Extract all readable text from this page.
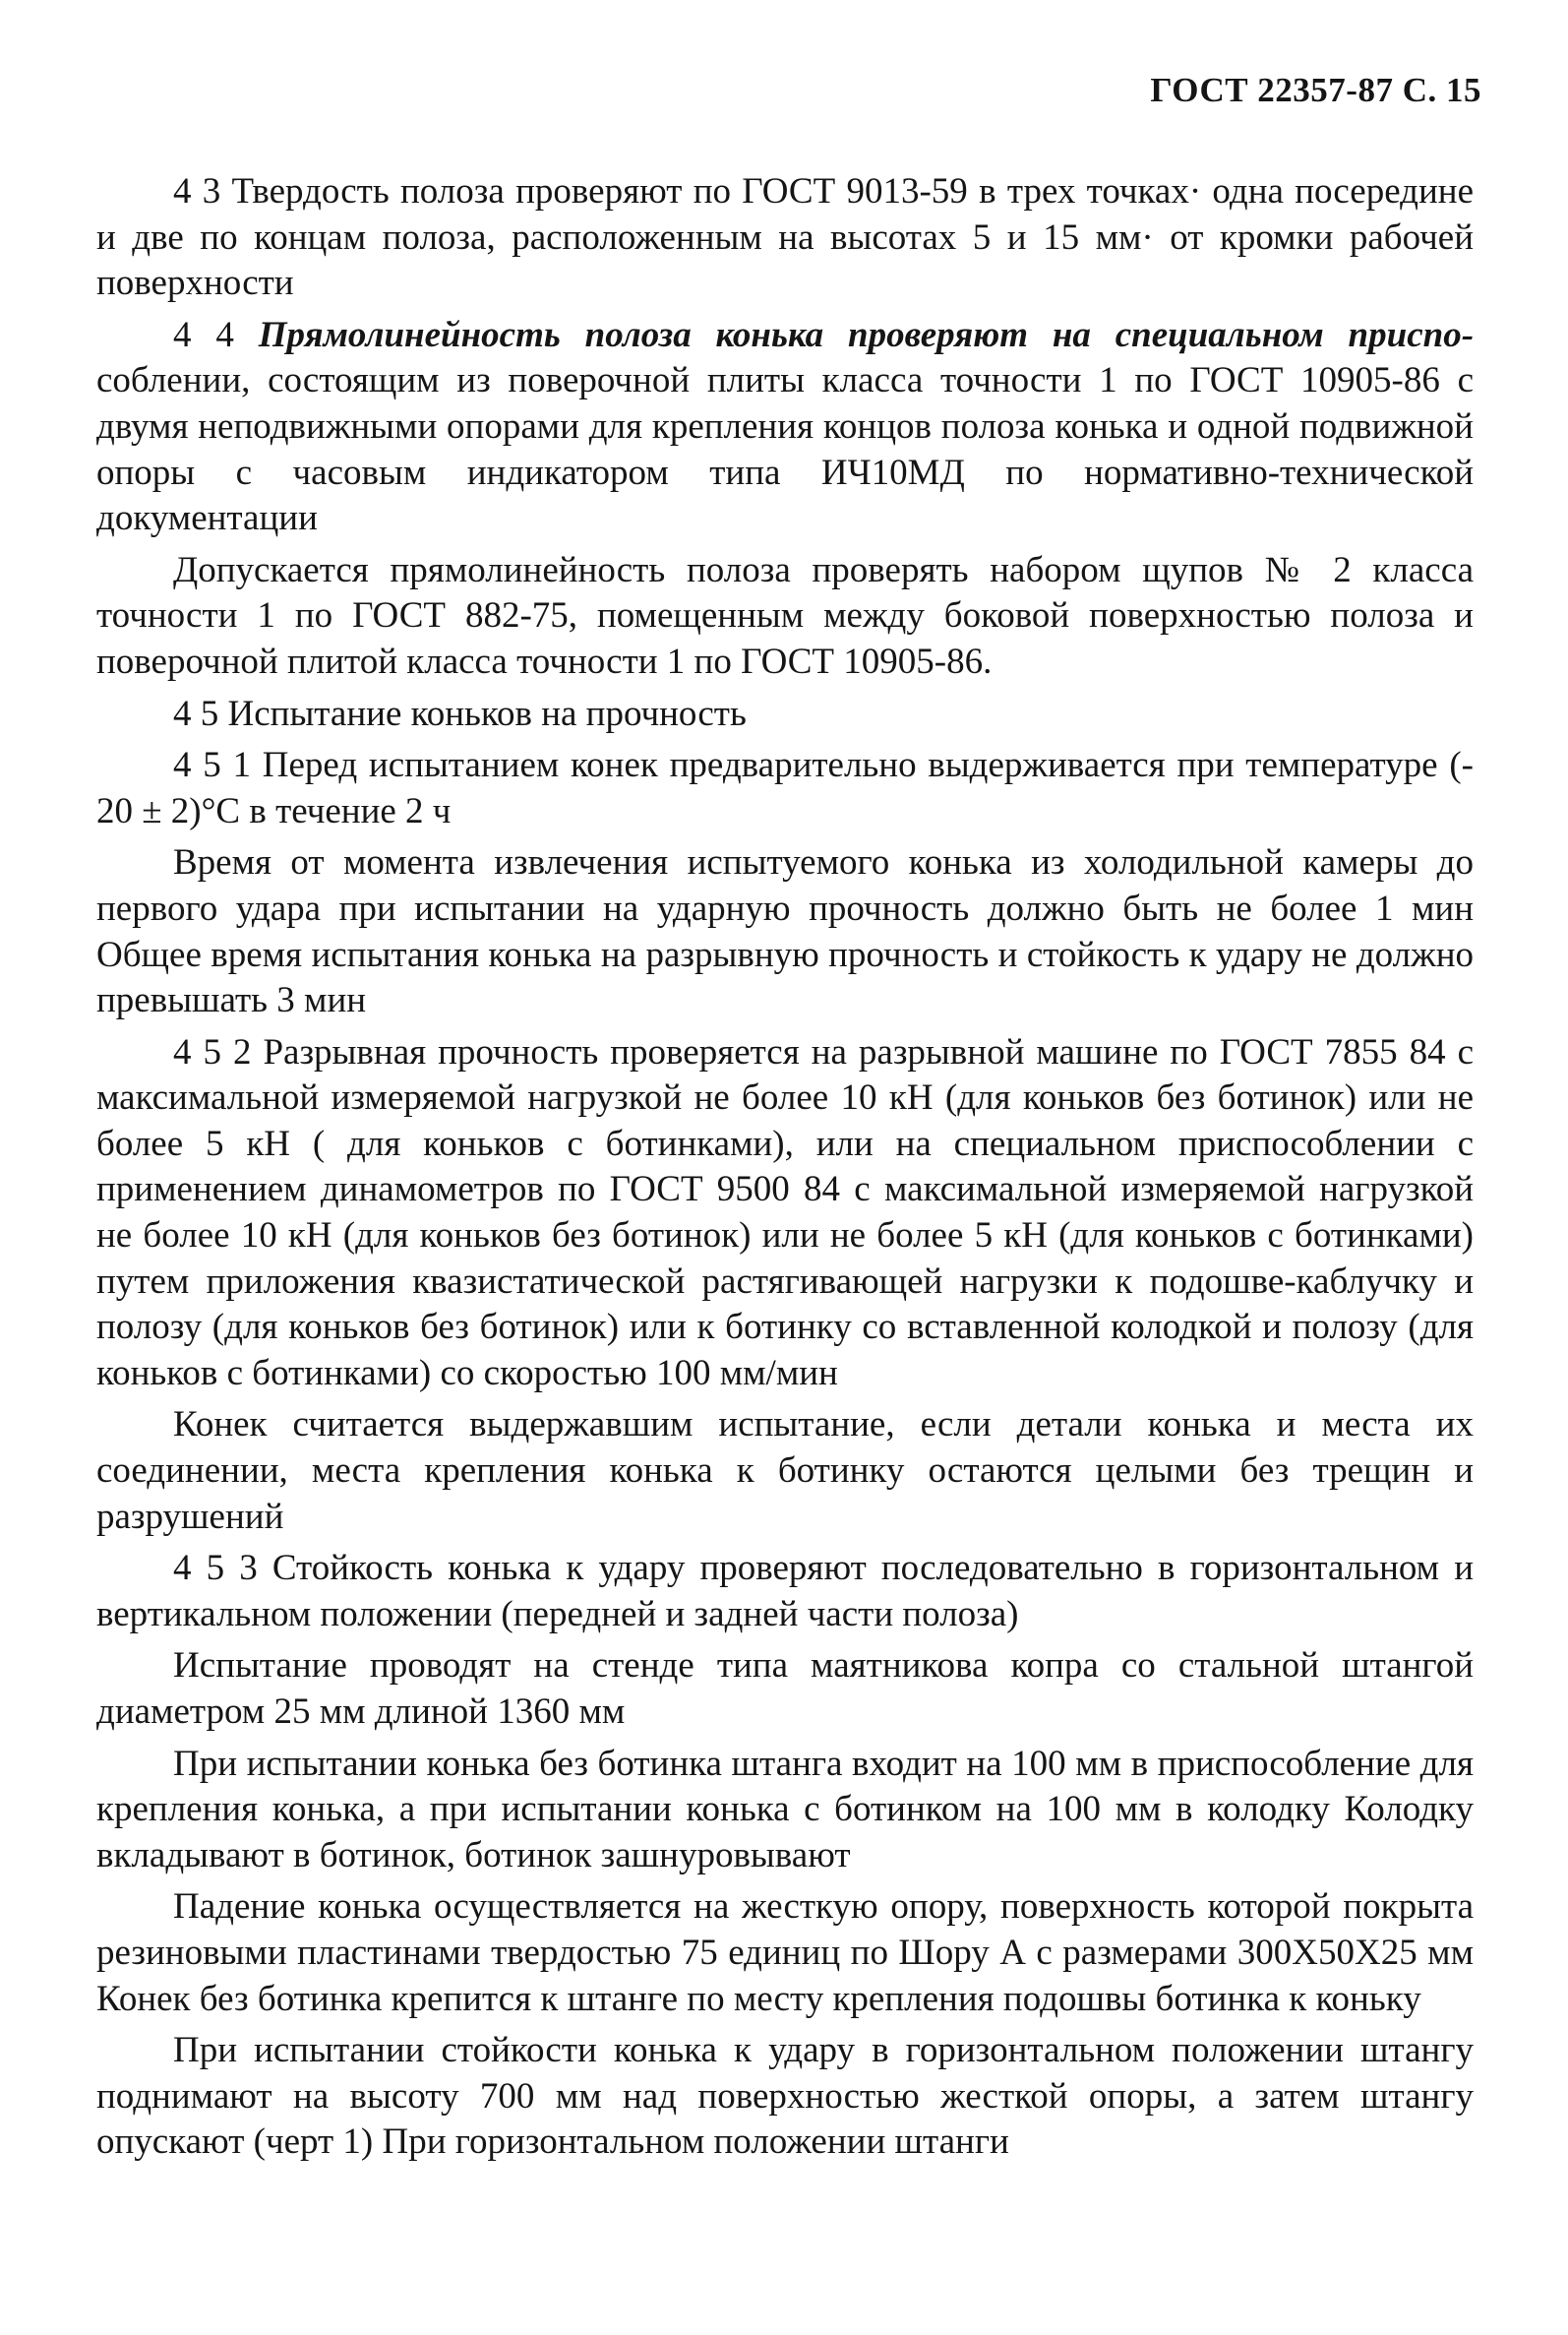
ГОСТ 22357-87 С. 15

4 3 Твердость полоза проверяют по ГОСТ 9013-59 в трех точках· одна посередине и две по концам полоза, расположенным на высотах 5 и 15 мм· от кромки рабочей поверхности

4 4 Прямолинейность полоза конька проверяют на специальном приспо-соблении, состоящим из поверочной плиты класса точности 1 по ГОСТ 10905-86 с двумя неподвижными опорами для крепления концов полоза конька и одной подвижной опоры с часовым индикатором типа ИЧ10МД по нормативно-технической документации

Допускается прямолинейность полоза проверять набором щупов № 2 класса точности 1 по ГОСТ 882-75, помещенным между боковой поверхностью полоза и поверочной плитой класса точности 1 по ГОСТ 10905-86.

4 5 Испытание коньков на прочность

4 5 1 Перед испытанием конек предварительно выдерживается при температуре (- 20 ± 2)°С в течение 2 ч

Время от момента извлечения испытуемого конька из холодильной камеры до первого удара при испытании на ударную прочность должно быть не более 1 мин Общее время испытания конька на разрывную прочность и стойкость к удару не должно превышать 3 мин

4 5 2 Разрывная прочность проверяется на разрывной машине по ГОСТ 7855 84 с максимальной измеряемой нагрузкой не более 10 кН (для коньков без ботинок) или не более 5 кН ( для коньков с ботинками), или на специальном приспособлении с применением динамометров по ГОСТ 9500 84 с максимальной измеряемой нагрузкой не более 10 кН (для коньков без ботинок) или не более 5 кН (для коньков с ботинками) путем приложения квазистатической растягивающей нагрузки к подошве-каблучку и полозу (для коньков без ботинок) или к ботинку со вставленной колодкой и полозу (для коньков с ботинками) со скоростью 100 мм/мин

Конек считается выдержавшим испытание, если детали конька и места их соединении, места крепления конька к ботинку остаются целыми без трещин и разрушений

4 5 3 Стойкость конька к удару проверяют последовательно в горизонтальном и вертикальном положении (передней и задней части полоза)

Испытание проводят на стенде типа маятникова копра со стальной штангой диаметром 25 мм длиной 1360 мм

При испытании конька без ботинка штанга входит на 100 мм в приспособление для крепления конька, а при испытании конька с ботинком на 100 мм в колодку Колодку вкладывают в ботинок, ботинок зашнуровывают

Падение конька осуществляется на жесткую опору, поверхность которой покрыта резиновыми пластинами твердостью 75 единиц по Шору А с размерами 300Х50Х25 мм Конек без ботинка крепится к штанге по месту крепления подошвы ботинка к коньку

При испытании стойкости конька к удару в горизонтальном положении штангу поднимают на высоту 700 мм над поверхностью жесткой опоры, а затем штангу опускают (черт 1) При горизонтальном положении штанги
